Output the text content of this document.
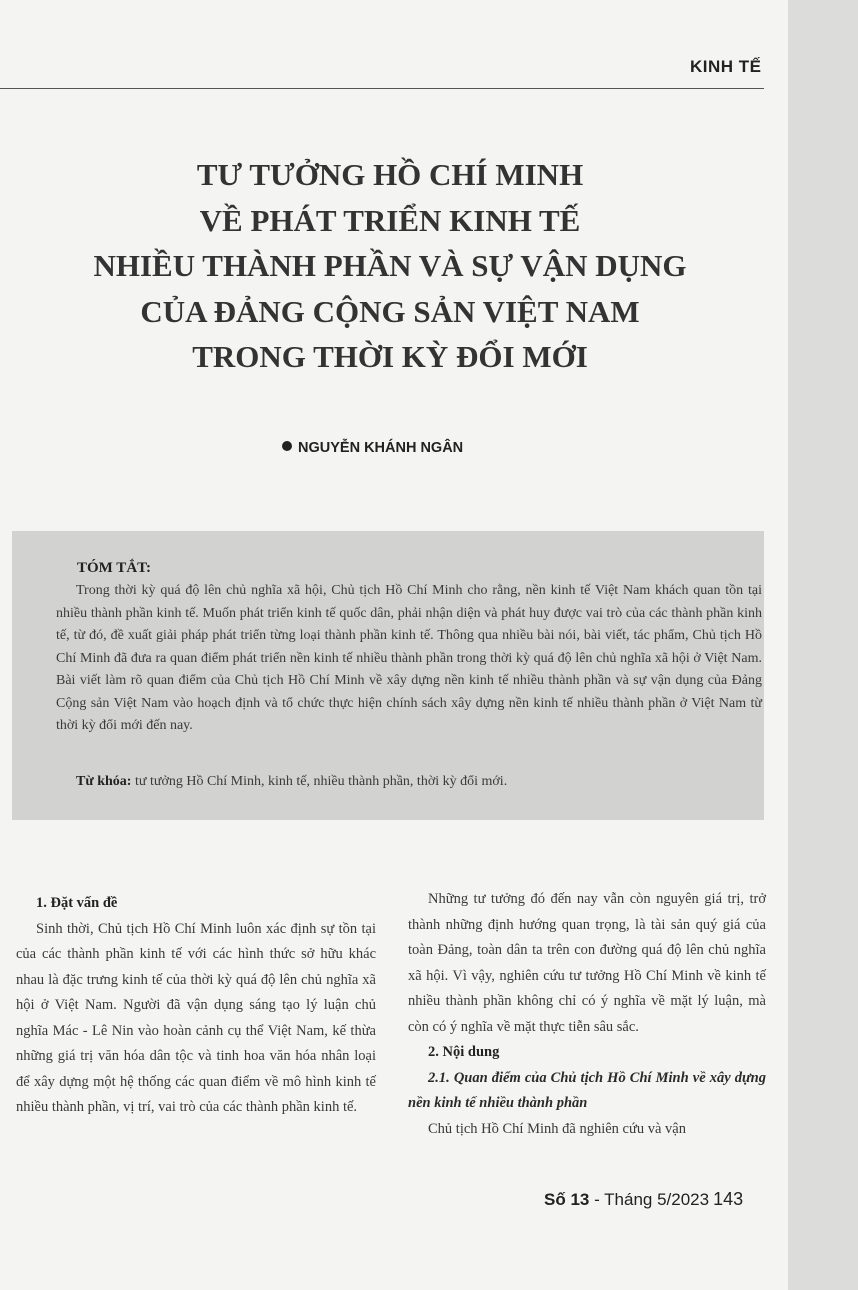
KINH TẾ
TƯ TƯỞNG HỒ CHÍ MINH
VỀ PHÁT TRIỂN KINH TẾ
NHIỀU THÀNH PHẦN VÀ SỰ VẬN DỤNG
CỦA ĐẢNG CỘNG SẢN VIỆT NAM
TRONG THỜI KỲ ĐỔI MỚI
NGUYỄN KHÁNH NGÂN
TÓM TẮT:
Trong thời kỳ quá độ lên chủ nghĩa xã hội, Chủ tịch Hồ Chí Minh cho rằng, nền kinh tế Việt Nam khách quan tồn tại nhiều thành phần kinh tế. Muốn phát triển kinh tế quốc dân, phải nhận diện và phát huy được vai trò của các thành phần kinh tế, từ đó, đề xuất giải pháp phát triển từng loại thành phần kinh tế. Thông qua nhiều bài nói, bài viết, tác phẩm, Chủ tịch Hồ Chí Minh đã đưa ra quan điểm phát triển nền kinh tế nhiều thành phần trong thời kỳ quá độ lên chủ nghĩa xã hội ở Việt Nam. Bài viết làm rõ quan điểm của Chủ tịch Hồ Chí Minh về xây dựng nền kinh tế nhiều thành phần và sự vận dụng của Đảng Cộng sản Việt Nam vào hoạch định và tổ chức thực hiện chính sách xây dựng nền kinh tế nhiều thành phần ở Việt Nam từ thời kỳ đổi mới đến nay.
Từ khóa: tư tưởng Hồ Chí Minh, kinh tế, nhiều thành phần, thời kỳ đổi mới.
1. Đặt vấn đề

Sinh thời, Chủ tịch Hồ Chí Minh luôn xác định sự tồn tại của các thành phần kinh tế với các hình thức sở hữu khác nhau là đặc trưng kinh tế của thời kỳ quá độ lên chủ nghĩa xã hội ở Việt Nam. Người đã vận dụng sáng tạo lý luận chủ nghĩa Mác - Lê Nin vào hoàn cảnh cụ thể Việt Nam, kế thừa những giá trị văn hóa dân tộc và tinh hoa văn hóa nhân loại để xây dựng một hệ thống các quan điểm về mô hình kinh tế nhiều thành phần, vị trí, vai trò của các thành phần kinh tế.

Những tư tưởng đó đến nay vẫn còn nguyên giá trị, trở thành những định hướng quan trọng, là tài sản quý giá của toàn Đảng, toàn dân ta trên con đường quá độ lên chủ nghĩa xã hội. Vì vậy, nghiên cứu tư tưởng Hồ Chí Minh về kinh tế nhiều thành phần không chỉ có ý nghĩa về mặt lý luận, mà còn có ý nghĩa về mặt thực tiễn sâu sắc.

2. Nội dung
2.1. Quan điểm của Chủ tịch Hồ Chí Minh về xây dựng nền kinh tế nhiều thành phần

Chủ tịch Hồ Chí Minh đã nghiên cứu và vận

Số 13 - Tháng 5/2023 143
